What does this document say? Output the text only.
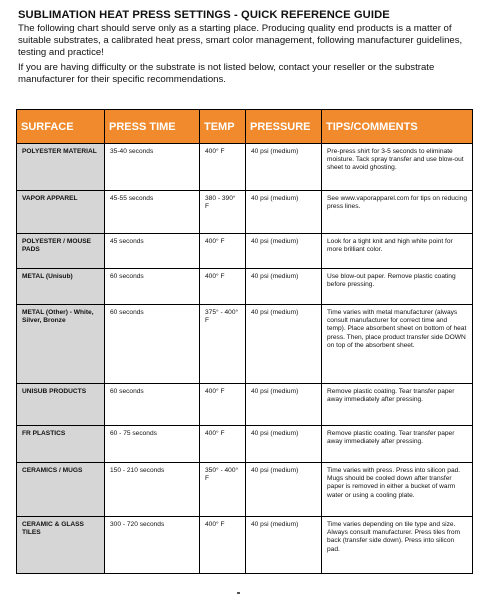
SUBLIMATION HEAT PRESS SETTINGS - QUICK REFERENCE GUIDE
The following chart should serve only as a starting place. Producing quality end products is a matter of suitable substrates, a calibrated heat press, smart color management, following manufacturer guidelines, testing and practice!
If you are having difficulty or the substrate is not listed below, contact your reseller or the substrate manufacturer for their specific recommendations.
SURFACE	PRESS TIME	TEMP	PRESSURE	TIPS/COMMENTS
POLYESTER MATERIAL	35-40 seconds	400° F	40 psi (medium)	Pre-press shirt for 3-5 seconds to eliminate moisture. Tack spray transfer and use blow-out sheet to avoid ghosting.
VAPOR APPAREL	45-55 seconds	380 - 390° F	40 psi (medium)	See www.vaporapparel.com for tips on reducing press lines.
POLYESTER / MOUSE PADS	45 seconds	400° F	40 psi (medium)	Look for a tight knit and high white point for more brilliant color.
METAL (Unisub)	60 seconds	400° F	40 psi (medium)	Use blow-out paper. Remove plastic coating before pressing.
METAL (Other) - White, Silver, Bronze	60 seconds	375° - 400° F	40 psi (medium)	Time varies with metal manufacturer (always consult manufacturer for correct time and temp). Place absorbent sheet on bottom of heat press. Then, place product transfer side DOWN on top of the absorbent sheet.
UNISUB PRODUCTS	60 seconds	400° F	40 psi (medium)	Remove plastic coating. Tear transfer paper away immediately after pressing.
FR PLASTICS	60 - 75 seconds	400° F	40 psi (medium)	Remove plastic coating. Tear transfer paper away immediately after pressing.
CERAMICS / MUGS	150 - 210 seconds	350° - 400° F	40 psi (medium)	Time varies with press. Press into silicon pad. Mugs should be cooled down after transfer paper is removed in either a bucket of warm water or using a cooling plate.
CERAMIC & GLASS TILES	300 - 720 seconds	400° F	40 psi (medium)	Time varies depending on tile type and size. Always consult manufacturer. Press tiles from back (transfer side down). Press into silicon pad.
